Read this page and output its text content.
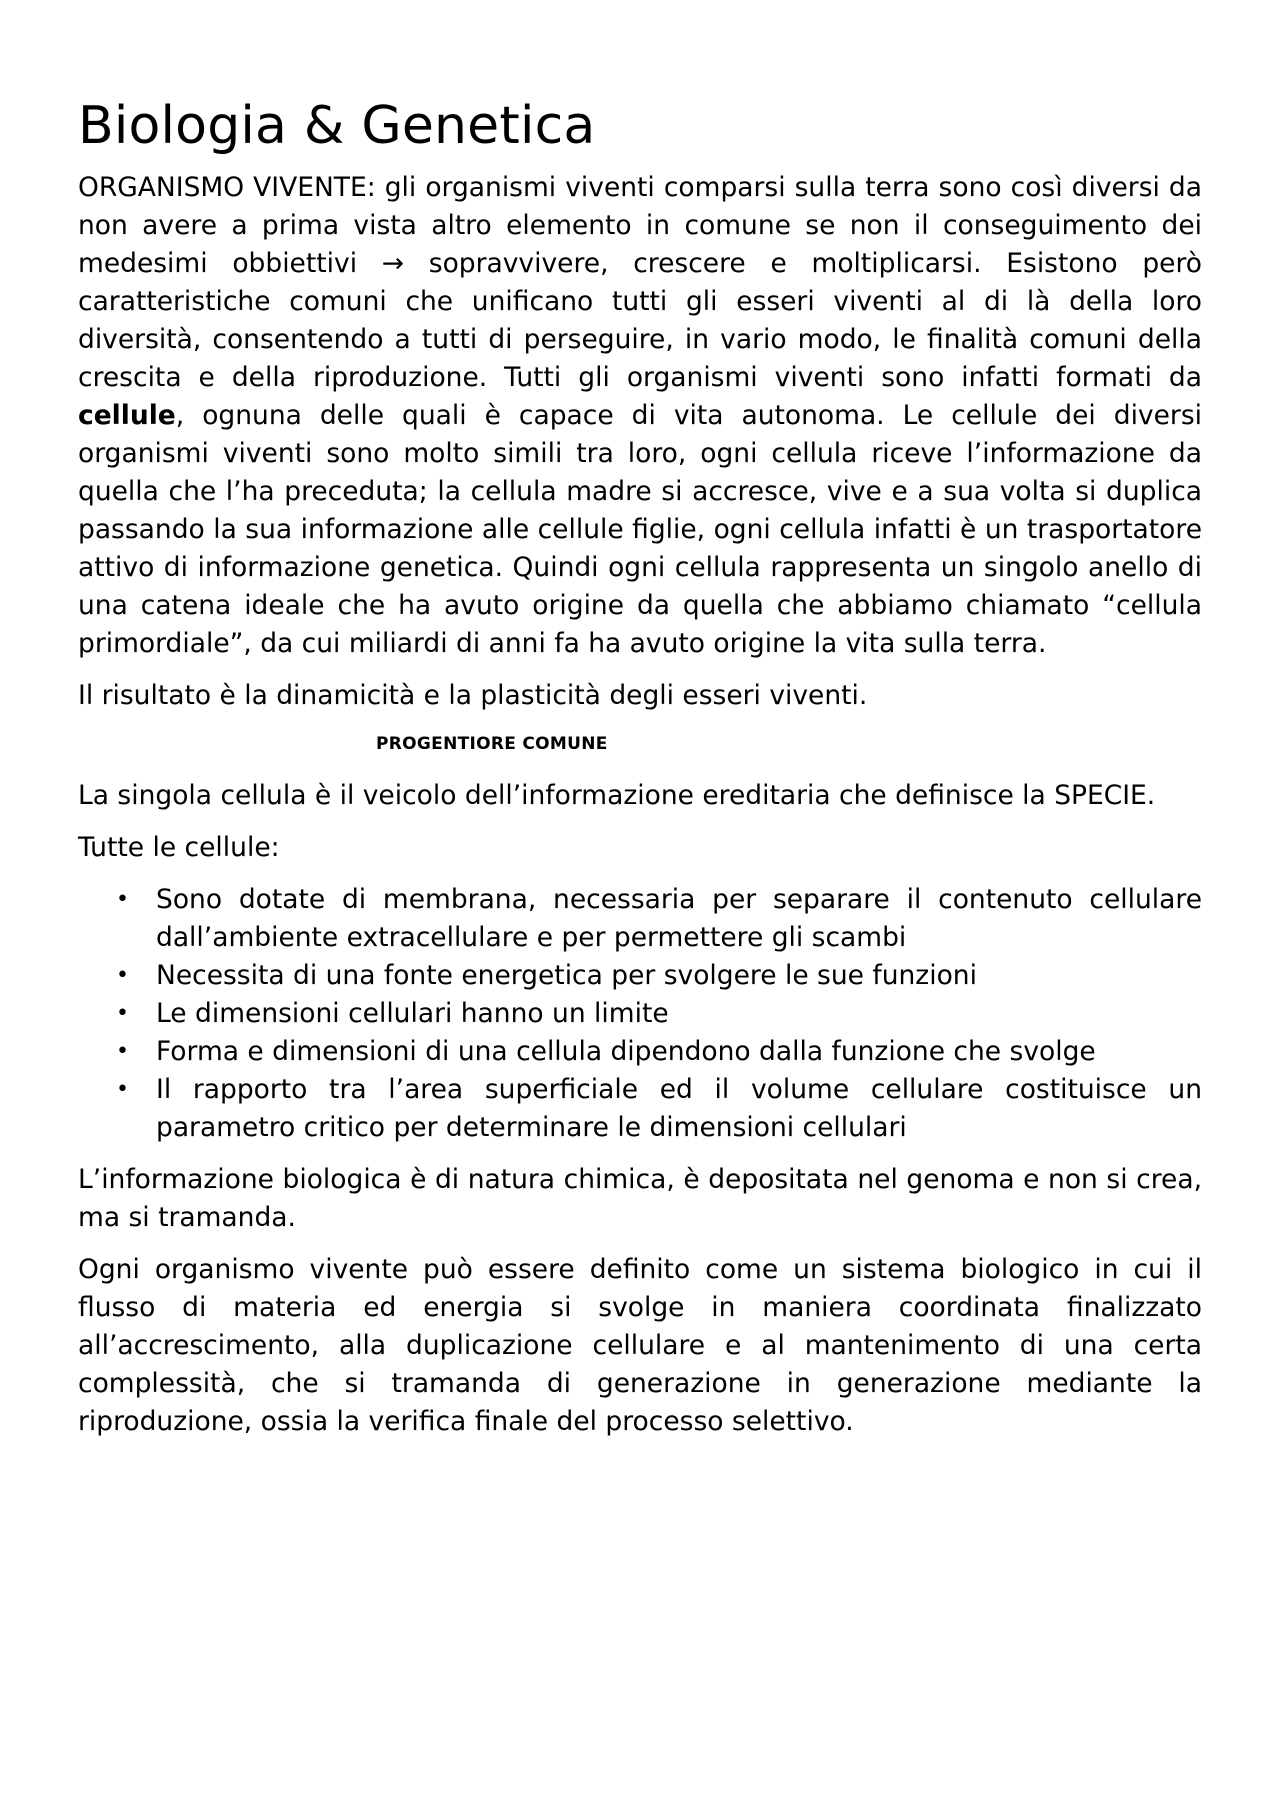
Biologia & Genetica

ORGANISMO VIVENTE: gli organismi viventi comparsi sulla terra sono così diversi da non avere a prima vista altro elemento in comune se non il conseguimento dei medesimi obbiettivi → sopravvivere, crescere e moltiplicarsi. Esistono però caratteristiche comuni che unificano tutti gli esseri viventi al di là della loro diversità, consentendo a tutti di perseguire, in vario modo, le finalità comuni della crescita e della riproduzione. Tutti gli organismi viventi sono infatti formati da cellule, ognuna delle quali è capace di vita autonoma. Le cellule dei diversi organismi viventi sono molto simili tra loro, ogni cellula riceve l’informazione da quella che l’ha preceduta; la cellula madre si accresce, vive e a sua volta si duplica passando la sua informazione alle cellule figlie, ogni cellula infatti è un trasportatore attivo di informazione genetica. Quindi ogni cellula rappresenta un singolo anello di una catena ideale che ha avuto origine da quella che abbiamo chiamato “cellula primordiale”, da cui miliardi di anni fa ha avuto origine la vita sulla terra.

Il risultato è la dinamicità e la plasticità degli esseri viventi.

PROGENTIORE COMUNE

La singola cellula è il veicolo dell’informazione ereditaria che definisce la SPECIE.

Tutte le cellule:

• Sono dotate di membrana, necessaria per separare il contenuto cellulare dall’ambiente extracellulare e per permettere gli scambi
• Necessita di una fonte energetica per svolgere le sue funzioni
• Le dimensioni cellulari hanno un limite
• Forma e dimensioni di una cellula dipendono dalla funzione che svolge
• Il rapporto tra l’area superficiale ed il volume cellulare costituisce un parametro critico per determinare le dimensioni cellulari

L’informazione biologica è di natura chimica, è depositata nel genoma e non si crea, ma si tramanda.

Ogni organismo vivente può essere definito come un sistema biologico in cui il flusso di materia ed energia si svolge in maniera coordinata finalizzato all’accrescimento, alla duplicazione cellulare e al mantenimento di una certa complessità, che si tramanda di generazione in generazione mediante la riproduzione, ossia la verifica finale del processo selettivo.
